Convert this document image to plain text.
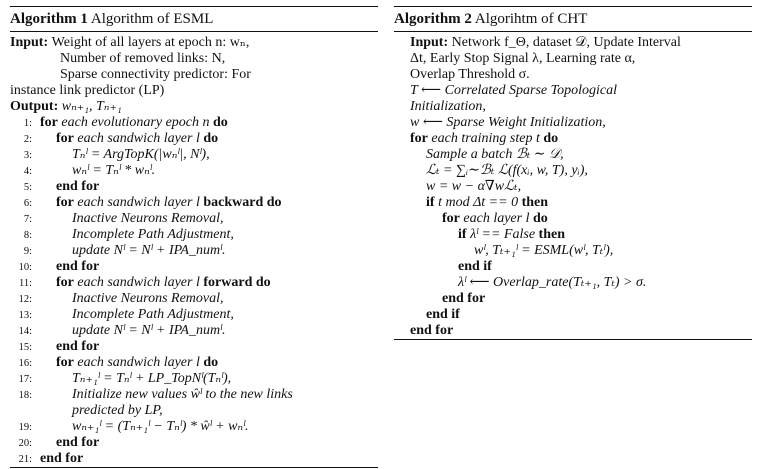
Algorithm 1 Algorithm of ESML
Input: Weight of all layers at epoch n: wₙ,
Number of removed links: N,
Sparse connectivity predictor: For
instance link predictor (LP)
Output: wₙ₊₁, Tₙ₊₁
1: for each evolutionary epoch n do
2: for each sandwich layer l do
3:	Tₙˡ = ArgTopK(|wₙˡ|, Nˡ),
4:	wₙˡ = Tₙˡ * wₙˡ.
5: end for
6: for each sandwich layer l backward do
7:	Inactive Neurons Removal,
8:	Incomplete Path Adjustment,
9:	update Nˡ = Nˡ + IPA_numˡ.
10: end for
11: for each sandwich layer l forward do
12:	Inactive Neurons Removal,
13:	Incomplete Path Adjustment,
14:	update Nˡ = Nˡ + IPA_numˡ.
15: end for
16: for each sandwich layer l do
17:	Tₙ₊₁ˡ = Tₙˡ + LP_TopNˡ(Tₙˡ),
18:	Initialize new values ŵˡ to the new links
predicted by LP,
19:	wₙ₊₁ˡ = (Tₙ₊₁ˡ − Tₙˡ) * ŵˡ + wₙˡ.
20: end for
21: end for
Algorithm 2 Algorihtm of CHT
Input: Network f_Θ, dataset 𝒟, Update Interval
Δt, Early Stop Signal λ, Learning rate α,
Overlap Threshold σ.
T ⟵ Correlated Sparse Topological
Initialization,
w ⟵ Sparse Weight Initialization,
for each training step t do
Sample a batch ℬₜ ∼ 𝒟,
ℒₜ = ∑ᵢ∼ℬₜ ℒ(f(xᵢ, w, T), yᵢ),
w = w − α∇wℒₜ,
if t mod Δt == 0 then
for each layer l do
if λˡ == False then
wˡ, Tₜ₊₁ˡ = ESML(wˡ, Tₜˡ),
end if
λˡ ⟵ Overlap_rate(Tₜ₊₁, Tₜ) > σ.
end for
end if
end for
